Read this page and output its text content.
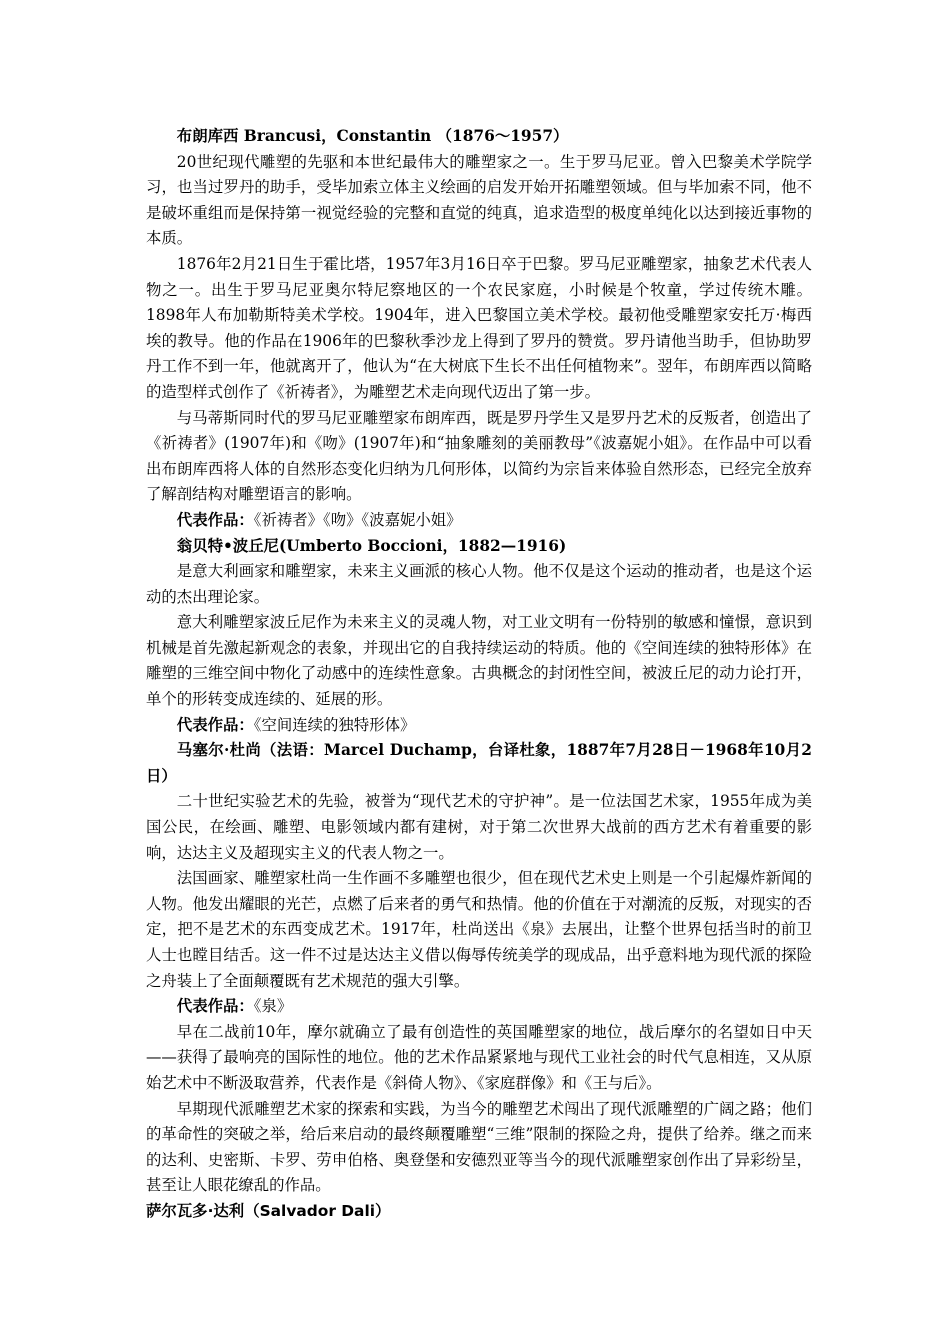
布朗库西 Brancusi，Constantin （1876～1957）

20世纪现代雕塑的先驱和本世纪最伟大的雕塑家之一。生于罗马尼亚。曾入巴黎美术学院学习，也当过罗丹的助手，受毕加索立体主义绘画的启发开始开拓雕塑领域。但与毕加索不同，他不是破坏重组而是保持第一视觉经验的完整和直觉的纯真，追求造型的极度单纯化以达到接近事物的本质。

1876年2月21日生于霍比塔，1957年3月16日卒于巴黎。罗马尼亚雕塑家，抽象艺术代表人物之一。出生于罗马尼亚奥尔特尼察地区的一个农民家庭，小时候是个牧童，学过传统木雕。1898年人布加勒斯特美术学校。1904年，进入巴黎国立美术学校。最初他受雕塑家安托万·梅西埃的教导。他的作品在1906年的巴黎秋季沙龙上得到了罗丹的赞赏。罗丹请他当助手，但协助罗丹工作不到一年，他就离开了，他认为“在大树底下生长不出任何植物来”。翌年，布朗库西以简略的造型样式创作了《祈祷者》，为雕塑艺术走向现代迈出了第一步。

与马蒂斯同时代的罗马尼亚雕塑家布朗库西，既是罗丹学生又是罗丹艺术的反叛者，创造出了《祈祷者》(1907年)和《吻》(1907年)和“抽象雕刻的美丽教母”《波嘉妮小姐》。在作品中可以看出布朗库西将人体的自然形态变化归纳为几何形体，以简约为宗旨来体验自然形态，已经完全放弃了解剖结构对雕塑语言的影响。

代表作品：《祈祷者》《吻》《波嘉妮小姐》

翁贝特•波丘尼(Umberto Boccioni，1882—1916)

是意大利画家和雕塑家，未来主义画派的核心人物。他不仅是这个运动的推动者，也是这个运动的杰出理论家。

意大利雕塑家波丘尼作为未来主义的灵魂人物，对工业文明有一份特别的敏感和憧憬，意识到机械是首先激起新观念的表象，并现出它的自我持续运动的特质。他的《空间连续的独特形体》在雕塑的三维空间中物化了动感中的连续性意象。古典概念的封闭性空间，被波丘尼的动力论打开，单个的形转变成连续的、延展的形。

代表作品：《空间连续的独特形体》

马塞尔·杜尚（法语：Marcel Duchamp，台译杜象，1887年7月28日－1968年10月2日）

二十世纪实验艺术的先验，被誉为“现代艺术的守护神”。是一位法国艺术家，1955年成为美国公民，在绘画、雕塑、电影领域内都有建树，对于第二次世界大战前的西方艺术有着重要的影响，达达主义及超现实主义的代表人物之一。

法国画家、雕塑家杜尚一生作画不多雕塑也很少，但在现代艺术史上则是一个引起爆炸新闻的人物。他发出耀眼的光芒，点燃了后来者的勇气和热情。他的价值在于对潮流的反叛，对现实的否定，把不是艺术的东西变成艺术。1917年，杜尚送出《泉》去展出，让整个世界包括当时的前卫人士也瞠目结舌。这一件不过是达达主义借以侮辱传统美学的现成品，出乎意料地为现代派的探险之舟装上了全面颠覆既有艺术规范的强大引擎。

代表作品：《泉》

早在二战前10年，摩尔就确立了最有创造性的英国雕塑家的地位，战后摩尔的名望如日中天——获得了最响亮的国际性的地位。他的艺术作品紧紧地与现代工业社会的时代气息相连，又从原始艺术中不断汲取营养，代表作是《斜倚人物》、《家庭群像》和《王与后》。

早期现代派雕塑艺术家的探索和实践，为当今的雕塑艺术闯出了现代派雕塑的广阔之路；他们的革命性的突破之举，给后来启动的最终颠覆雕塑“三维”限制的探险之舟，提供了给养。继之而来的达利、史密斯、卡罗、劳申伯格、奥登堡和安德烈亚等当今的现代派雕塑家创作出了异彩纷呈，甚至让人眼花缭乱的作品。

萨尔瓦多·达利（Salvador Dali）
